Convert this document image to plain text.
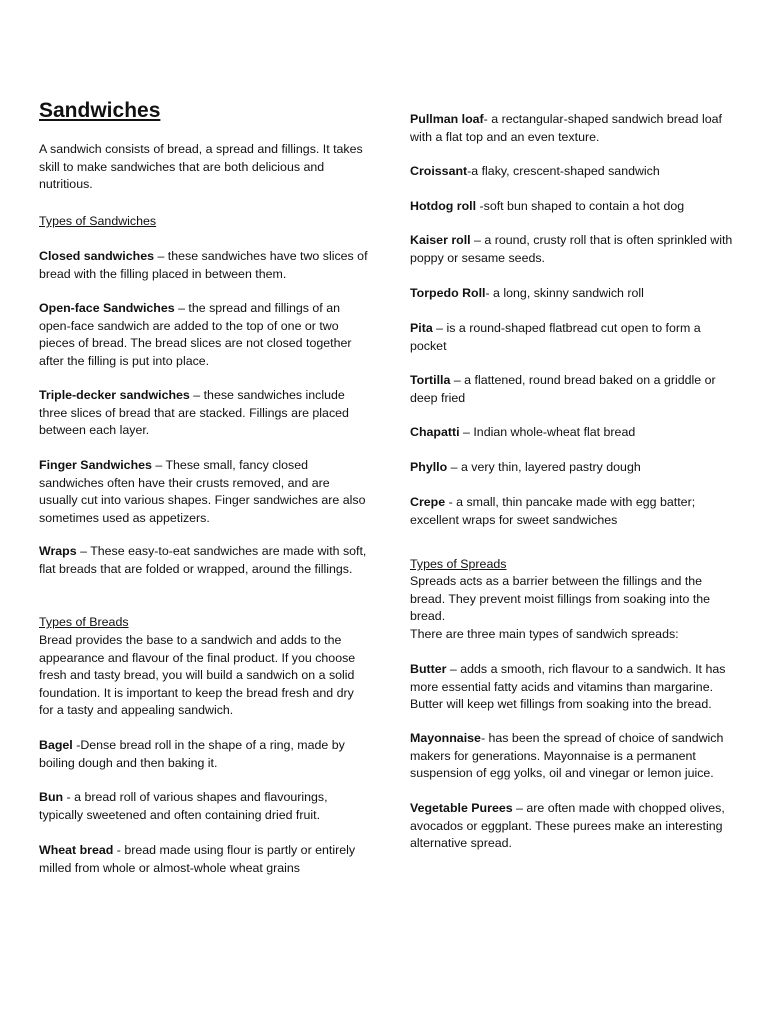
Sandwiches

A sandwich consists of bread, a spread and fillings. It takes skill to make sandwiches that are both delicious and nutritious.

Types of Sandwiches

Closed sandwiches – these sandwiches have two slices of bread with the filling placed in between them.

Open-face Sandwiches – the spread and fillings of an open-face sandwich are added to the top of one or two pieces of bread. The bread slices are not closed together after the filling is put into place.

Triple-decker sandwiches – these sandwiches include three slices of bread that are stacked. Fillings are placed between each layer.

Finger Sandwiches – These small, fancy closed sandwiches often have their crusts removed, and are usually cut into various shapes. Finger sandwiches are also sometimes used as appetizers.

Wraps – These easy-to-eat sandwiches are made with soft, flat breads that are folded or wrapped, around the fillings.

Types of Breads

Bread provides the base to a sandwich and adds to the appearance and flavour of the final product. If you choose fresh and tasty bread, you will build a sandwich on a solid foundation. It is important to keep the bread fresh and dry for a tasty and appealing sandwich.

Bagel -Dense bread roll in the shape of a ring, made by boiling dough and then baking it.

Bun - a bread roll of various shapes and flavourings, typically sweetened and often containing dried fruit.

Wheat bread - bread made using flour is partly or entirely milled from whole or almost-whole wheat grains

Pullman loaf- a rectangular-shaped sandwich bread loaf with a flat top and an even texture.

Croissant-a flaky, crescent-shaped sandwich

Hotdog roll -soft bun shaped to contain a hot dog

Kaiser roll – a round, crusty roll that is often sprinkled with poppy or sesame seeds.

Torpedo Roll- a long, skinny sandwich roll

Pita – is a round-shaped flatbread cut open to form a pocket

Tortilla – a flattened, round bread baked on a griddle or deep fried

Chapatti – Indian whole-wheat flat bread

Phyllo – a very thin, layered pastry dough

Crepe - a small, thin pancake made with egg batter; excellent wraps for sweet sandwiches

Types of Spreads

Spreads acts as a barrier between the fillings and the bread. They prevent moist fillings from soaking into the bread.

There are three main types of sandwich spreads:

Butter – adds a smooth, rich flavour to a sandwich. It has more essential fatty acids and vitamins than margarine. Butter will keep wet fillings from soaking into the bread.

Mayonnaise- has been the spread of choice of sandwich makers for generations. Mayonnaise is a permanent suspension of egg yolks, oil and vinegar or lemon juice.

Vegetable Purees – are often made with chopped olives, avocados or eggplant. These purees make an interesting alternative spread.
